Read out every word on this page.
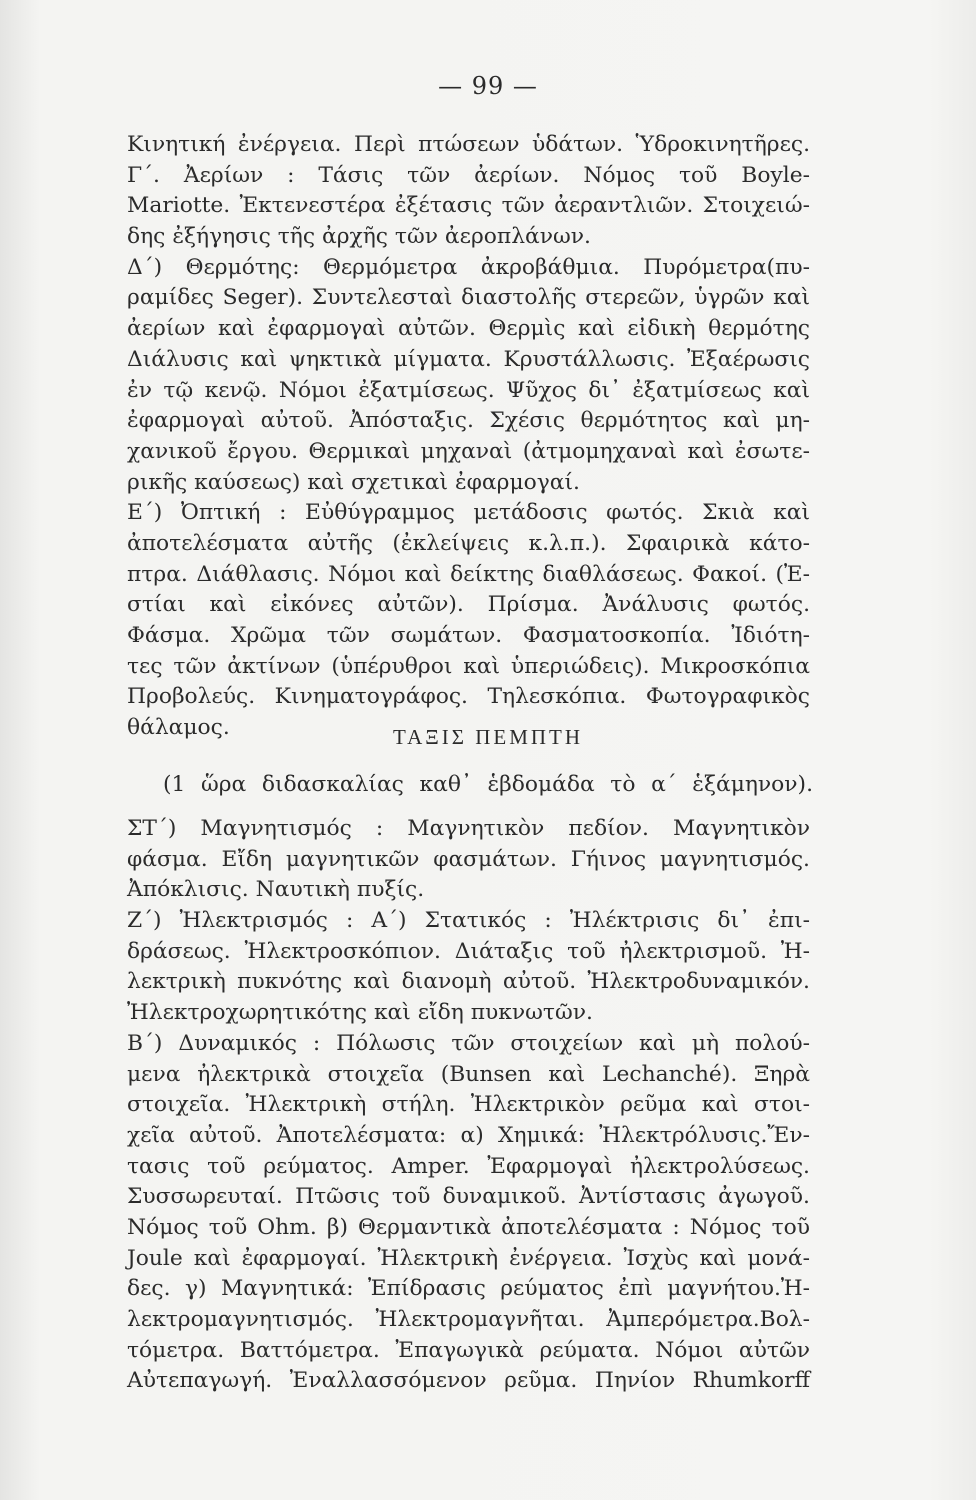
— 99 —
Κινητική ἐνέργεια. Περὶ πτώσεων ὑδάτων. Ὑδροκινητῆρες.
Γ΄. Ἀερίων : Τάσις τῶν ἀερίων. Νόμος τοῦ Boyle-
Mariotte. Ἐκτενεστέρα ἐξέτασις τῶν ἀεραντλιῶν. Στοιχειώ-
δης ἐξήγησις τῆς ἀρχῆς τῶν ἀεροπλάνων.
Δ΄) Θερμότης: Θερμόμετρα ἀκροβάθμια. Πυρόμετρα(πυ-
ραμίδες Seger). Συντελεσταὶ διαστολῆς στερεῶν, ὑγρῶν καὶ
ἀερίων καὶ ἐφαρμογαὶ αὐτῶν. Θερμὶς καὶ εἰδικὴ θερμότης
Διάλυσις καὶ ψηκτικὰ μίγματα. Κρυστάλλωσις. Ἐξαέρωσις
ἐν τῷ κενῷ. Νόμοι ἐξατμίσεως. Ψῦχος δι᾽ ἐξατμίσεως καὶ
ἐφαρμογαὶ αὐτοῦ. Ἀπόσταξις. Σχέσις θερμότητος καὶ μη-
χανικοῦ ἔργου. Θερμικαὶ μηχαναὶ (ἀτμομηχαναὶ καὶ ἐσωτε-
ρικῆς καύσεως) καὶ σχετικαὶ ἐφαρμογαί.
Ε΄) Ὀπτική : Εὐθύγραμμος μετάδοσις φωτός. Σκιὰ καὶ
ἀποτελέσματα αὐτῆς (ἐκλείψεις κ.λ.π.). Σφαιρικὰ κάτο-
πτρα. Διάθλασις. Νόμοι καὶ δείκτης διαθλάσεως. Φακοί. (Ἐ-
στίαι καὶ εἰκόνες αὐτῶν). Πρίσμα. Ἀνάλυσις φωτός.
Φάσμα. Χρῶμα τῶν σωμάτων. Φασματοσκοπία. Ἰδιότη-
τες τῶν ἀκτίνων (ὑπέρυθροι καὶ ὑπεριώδεις). Μικροσκόπια
Προβολεύς. Κινηματογράφος. Τηλεσκόπια. Φωτογραφικὸς
θάλαμος.	ΤΑΞΙΣ ΠΕΜΠΤΗ
(1 ὥρα διδασκαλίας καθ᾽ ἑβδομάδα τὸ α΄ ἑξάμηνον).
ΣΤ΄) Μαγνητισμός : Μαγνητικὸν πεδίον. Μαγνητικὸν
φάσμα. Εἴδη μαγνητικῶν φασμάτων. Γήινος μαγνητισμός.
Ἀπόκλισις. Ναυτικὴ πυξίς.
Ζ΄) Ἠλεκτρισμός : Α΄) Στατικός : Ἠλέκτρισις δι᾽ ἐπι-
δράσεως. Ἠλεκτροσκόπιον. Διάταξις τοῦ ἠλεκτρισμοῦ. Ἠ-
λεκτρικὴ πυκνότης καὶ διανομὴ αὐτοῦ. Ἠλεκτροδυναμικόν.
Ἠλεκτροχωρητικότης καὶ εἴδη πυκνωτῶν.
Β΄) Δυναμικός : Πόλωσις τῶν στοιχείων καὶ μὴ πολού-
μενα ἠλεκτρικὰ στοιχεῖα (Bunsen καὶ Lechanché). Ξηρὰ
στοιχεῖα. Ἠλεκτρικὴ στήλη. Ἠλεκτρικὸν ρεῦμα καὶ στοι-
χεῖα αὐτοῦ. Ἀποτελέσματα: α) Χημικά: Ἠλεκτρόλυσις.Ἔν-
τασις τοῦ ρεύματος. Amper. Ἐφαρμογαὶ ἠλεκτρολύσεως.
Συσσωρευταί. Πτῶσις τοῦ δυναμικοῦ. Ἀντίστασις ἀγωγοῦ.
Νόμος τοῦ Ohm. β) Θερμαντικὰ ἀποτελέσματα : Νόμος τοῦ
Joule καὶ ἐφαρμογαί. Ἠλεκτρικὴ ἐνέργεια. Ἰσχὺς καὶ μονά-
δες. γ) Μαγνητικά: Ἐπίδρασις ρεύματος ἐπὶ μαγνήτου.Ἠ-
λεκτρομαγνητισμός. Ἠλεκτρομαγνῆται. Ἀμπερόμετρα.Βολ-
τόμετρα. Βαττόμετρα. Ἐπαγωγικὰ ρεύματα. Νόμοι αὐτῶν
Αὐτεπαγωγή. Ἐναλλασσόμενον ρεῦμα. Πηνίον Rhumkorff
